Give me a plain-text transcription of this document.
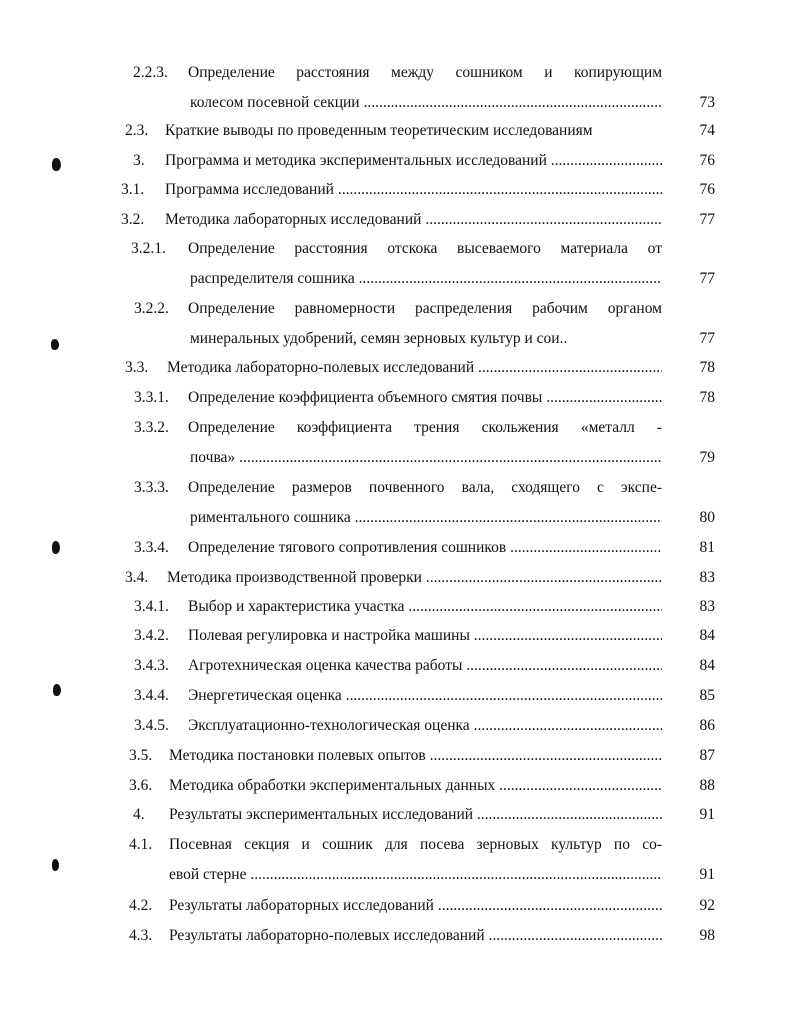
2.2.3. Определение расстояния между сошником и копирующим
колесом посевной секции .....	73
2.3. Краткие выводы по проведенным теоретическим исследованиям	74
3. Программа и методика экспериментальных исследований .....	76
3.1. Программа исследований .....	76
3.2. Методика лабораторных исследований .....	77
3.2.1. Определение расстояния отскока высеваемого материала от
распределителя сошника .....	77
3.2.2. Определение равномерности распределения рабочим органом
минеральных удобрений, семян зерновых культур и сои..	77
3.3. Методика лабораторно-полевых исследований .....	78
3.3.1. Определение коэффициента объемного смятия почвы .....	78
3.3.2. Определение коэффициента трения скольжения «металл -
почва» .....	79
3.3.3. Определение размеров почвенного вала, сходящего с экспе-
риментального сошника .....	80
3.3.4. Определение тягового сопротивления сошников .....	81
3.4. Методика производственной проверки .....	83
3.4.1. Выбор и характеристика участка .....	83
3.4.2. Полевая регулировка и настройка машины .....	84
3.4.3. Агротехническая оценка качества работы .....	84
3.4.4. Энергетическая оценка .....	85
3.4.5. Эксплуатационно-технологическая оценка .....	86
3.5. Методика постановки полевых опытов .....	87
3.6. Методика обработки экспериментальных данных .....	88
4. Результаты экспериментальных исследований .....	91
4.1. Посевная секция и сошник для посева зерновых культур по со-
евой стерне .....	91
4.2. Результаты лабораторных исследований .....	92
4.3. Результаты лабораторно-полевых исследований .....	98
